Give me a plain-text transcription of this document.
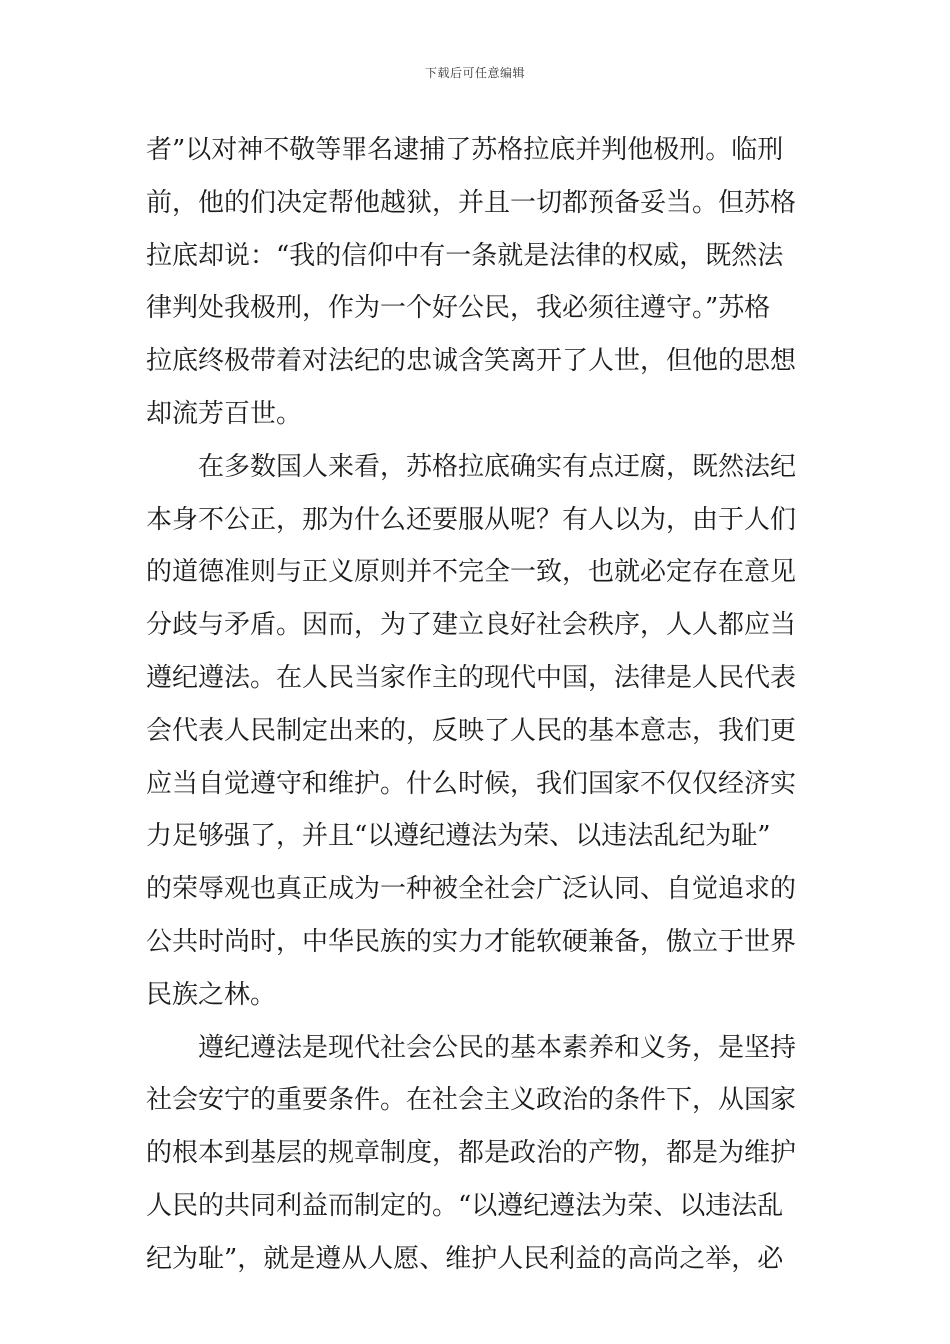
下载后可任意编辑
者”以对神不敬等罪名逮捕了苏格拉底并判他极刑。临刑
前，他的们决定帮他越狱，并且一切都预备妥当。但苏格
拉底却说：“我的信仰中有一条就是法律的权威，既然法
律判处我极刑，作为一个好公民，我必须往遵守。”苏格
拉底终极带着对法纪的忠诚含笑离开了人世，但他的思想
却流芳百世。
　　在多数国人来看，苏格拉底确实有点迂腐，既然法纪
本身不公正，那为什么还要服从呢？有人以为，由于人们
的道德准则与正义原则并不完全一致，也就必定存在意见
分歧与矛盾。因而，为了建立良好社会秩序，人人都应当
遵纪遵法。在人民当家作主的现代中国，法律是人民代表
会代表人民制定出来的，反映了人民的基本意志，我们更
应当自觉遵守和维护。什么时候，我们国家不仅仅经济实
力足够强了，并且“以遵纪遵法为荣、以违法乱纪为耻”
的荣辱观也真正成为一种被全社会广泛认同、自觉追求的
公共时尚时，中华民族的实力才能软硬兼备，傲立于世界
民族之林。
　　遵纪遵法是现代社会公民的基本素养和义务，是坚持
社会安宁的重要条件。在社会主义政治的条件下，从国家
的根本到基层的规章制度，都是政治的产物，都是为维护
人民的共同利益而制定的。“以遵纪遵法为荣、以违法乱
纪为耻”，就是遵从人愿、维护人民利益的高尚之举，必
